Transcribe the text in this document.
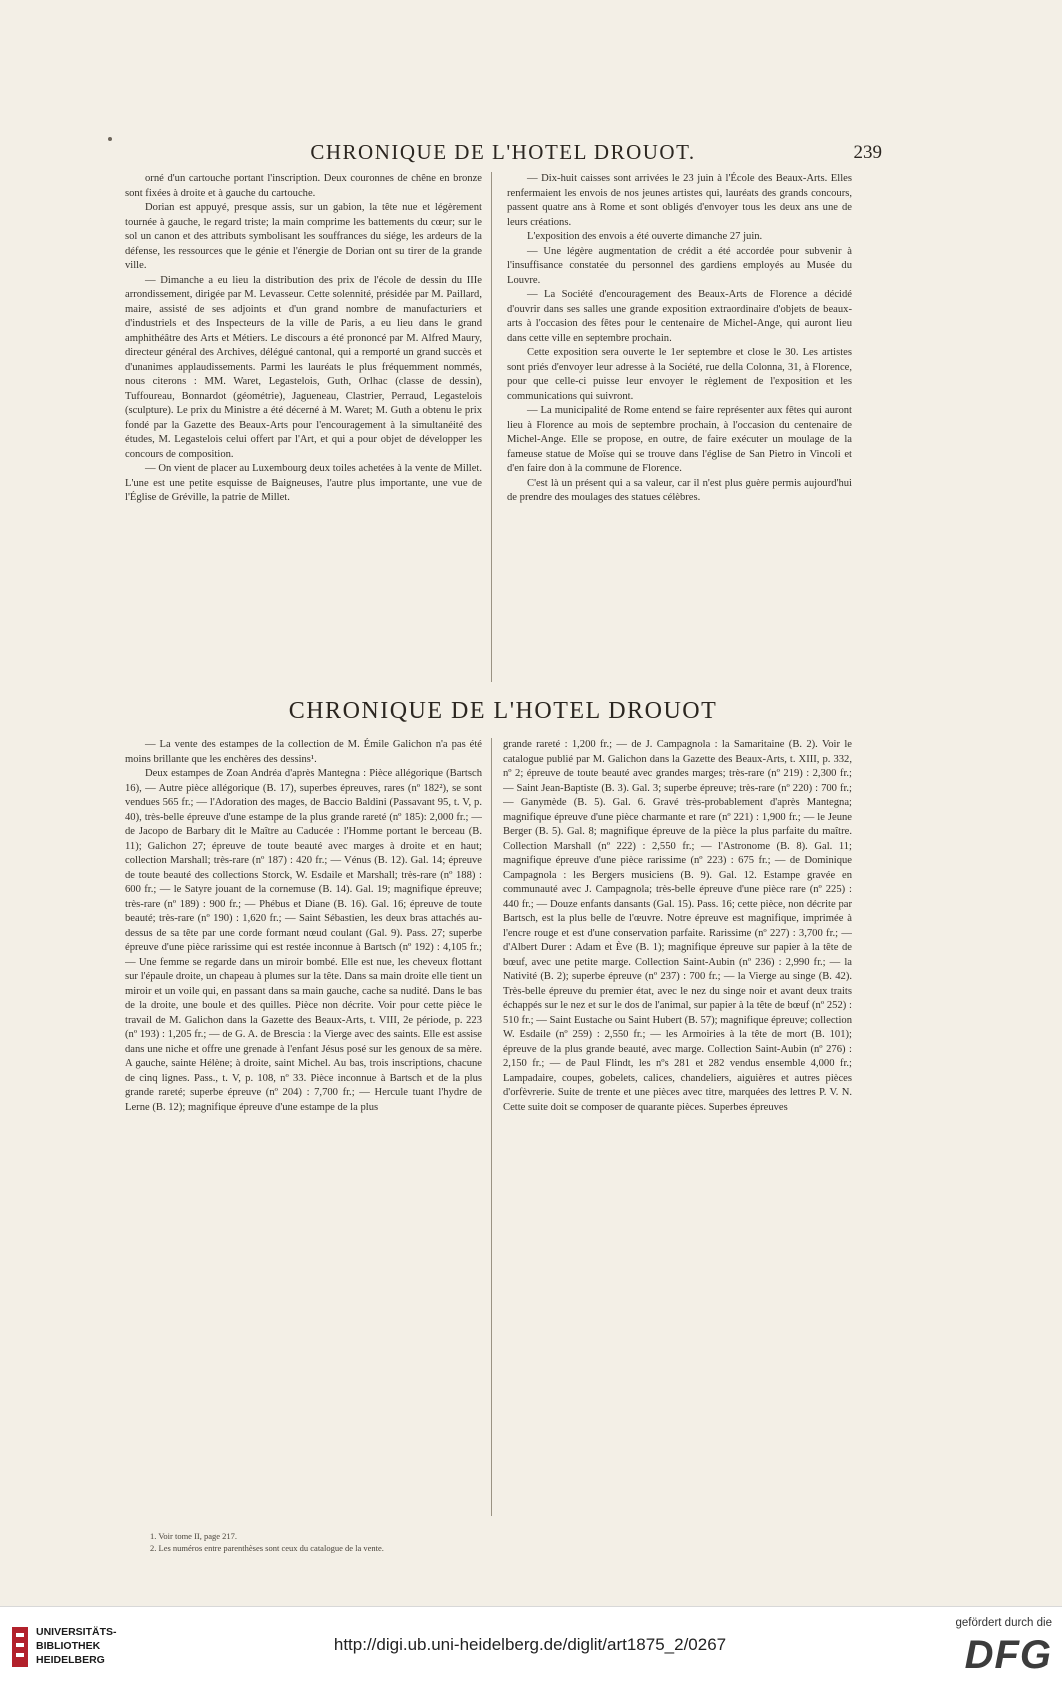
CHRONIQUE DE L'HOTEL DROUOT.	239

orné d'un cartouche portant l'inscription. Deux couronnes de chêne en bronze sont fixées à droite et à gauche du cartouche.

Dorian est appuyé, presque assis, sur un gabion, la tête nue et légèrement tournée à gauche, le regard triste; la main comprime les battements du cœur; sur le sol un canon et des attributs symbolisant les souffrances du siége, les ardeurs de la défense, les ressources que le génie et l'énergie de Dorian ont su tirer de la grande ville.

— Dimanche a eu lieu la distribution des prix de l'école de dessin du IIIe arrondissement, dirigée par M. Levasseur. Cette solennité, présidée par M. Paillard, maire, assisté de ses adjoints et d'un grand nombre de manufacturiers et d'industriels et des Inspecteurs de la ville de Paris, a eu lieu dans le grand amphithéâtre des Arts et Métiers. Le discours a été prononcé par M. Alfred Maury, directeur général des Archives, délégué cantonal, qui a remporté un grand succès et d'unanimes applaudissements. Parmi les lauréats le plus fréquemment nommés, nous citerons : MM. Waret, Legastelois, Guth, Orlhac (classe de dessin), Tuffoureau, Bonnardot (géométrie), Jagueneau, Clastrier, Perraud, Legastelois (sculpture). Le prix du Ministre a été décerné à M. Waret; M. Guth a obtenu le prix fondé par la Gazette des Beaux-Arts pour l'encouragement à la simultanéité des études, M. Legastelois celui offert par l'Art, et qui a pour objet de développer les concours de composition.

— On vient de placer au Luxembourg deux toiles achetées à la vente de Millet. L'une est une petite esquisse de Baigneuses, l'autre plus importante, une vue de l'Église de Gréville, la patrie de Millet.

— Dix-huit caisses sont arrivées le 23 juin à l'École des Beaux-Arts. Elles renfermaient les envois de nos jeunes artistes qui, lauréats des grands concours, passent quatre ans à Rome et sont obligés d'envoyer tous les deux ans une de leurs créations.

L'exposition des envois a été ouverte dimanche 27 juin.

— Une légère augmentation de crédit a été accordée pour subvenir à l'insuffisance constatée du personnel des gardiens employés au Musée du Louvre.

— La Société d'encouragement des Beaux-Arts de Florence a décidé d'ouvrir dans ses salles une grande exposition extraordinaire d'objets de beaux-arts à l'occasion des fêtes pour le centenaire de Michel-Ange, qui auront lieu dans cette ville en septembre prochain.

Cette exposition sera ouverte le 1er septembre et close le 30. Les artistes sont priés d'envoyer leur adresse à la Société, rue della Colonna, 31, à Florence, pour que celle-ci puisse leur envoyer le règlement de l'exposition et les communications qui suivront.

— La municipalité de Rome entend se faire représenter aux fêtes qui auront lieu à Florence au mois de septembre prochain, à l'occasion du centenaire de Michel-Ange. Elle se propose, en outre, de faire exécuter un moulage de la fameuse statue de Moïse qui se trouve dans l'église de San Pietro in Vincoli et d'en faire don à la commune de Florence.

C'est là un présent qui a sa valeur, car il n'est plus guère permis aujourd'hui de prendre des moulages des statues célèbres.

CHRONIQUE DE L'HOTEL DROUOT

— La vente des estampes de la collection de M. Émile Galichon n'a pas été moins brillante que les enchères des dessins¹.

Deux estampes de Zoan Andréa d'après Mantegna : Pièce allégorique (Bartsch 16), — Autre pièce allégorique (B. 17), superbes épreuves, rares (nº 182²), se sont vendues 565 fr.; — l'Adoration des mages, de Baccio Baldini (Passavant 95, t. V, p. 40), très-belle épreuve d'une estampe de la plus grande rareté (nº 185): 2,000 fr.; — de Jacopo de Barbary dit le Maître au Caducée : l'Homme portant le berceau (B. 11); Galichon 27; épreuve de toute beauté avec marges à droite et en haut; collection Marshall; très-rare (nº 187) : 420 fr.; — Vénus (B. 12). Gal. 14; épreuve de toute beauté des collections Storck, W. Esdaile et Marshall; très-rare (nº 188) : 600 fr.; — le Satyre jouant de la cornemuse (B. 14). Gal. 19; magnifique épreuve; très-rare (nº 189) : 900 fr.; — Phébus et Diane (B. 16). Gal. 16; épreuve de toute beauté; très-rare (nº 190) : 1,620 fr.; — Saint Sébastien, les deux bras attachés au-dessus de sa tête par une corde formant nœud coulant (Gal. 9). Pass. 27; superbe épreuve d'une pièce rarissime qui est restée inconnue à Bartsch (nº 192) : 4,105 fr.; — Une femme se regarde dans un miroir bombé. Elle est nue, les cheveux flottant sur l'épaule droite, un chapeau à plumes sur la tête. Dans sa main droite elle tient un miroir et un voile qui, en passant dans sa main gauche, cache sa nudité. Dans le bas de la droite, une boule et des quilles. Pièce non décrite. Voir pour cette pièce le travail de M. Galichon dans la Gazette des Beaux-Arts, t. VIII, 2e période, p. 223 (nº 193) : 1,205 fr.; — de G. A. de Brescia : la Vierge avec des saints. Elle est assise dans une niche et offre une grenade à l'enfant Jésus posé sur les genoux de sa mère. A gauche, sainte Hélène; à droite, saint Michel. Au bas, trois inscriptions, chacune de cinq lignes. Pass., t. V, p. 108, nº 33. Pièce inconnue à Bartsch et de la plus grande rareté; superbe épreuve (nº 204) : 7,700 fr.; — Hercule tuant l'hydre de Lerne (B. 12); magnifique épreuve d'une estampe de la plus

grande rareté : 1,200 fr.; — de J. Campagnola : la Samaritaine (B. 2). Voir le catalogue publié par M. Galichon dans la Gazette des Beaux-Arts, t. XIII, p. 332, nº 2; épreuve de toute beauté avec grandes marges; très-rare (nº 219) : 2,300 fr.; — Saint Jean-Baptiste (B. 3). Gal. 3; superbe épreuve; très-rare (nº 220) : 700 fr.; — Ganymède (B. 5). Gal. 6. Gravé très-probablement d'après Mantegna; magnifique épreuve d'une pièce charmante et rare (nº 221) : 1,900 fr.; — le Jeune Berger (B. 5). Gal. 8; magnifique épreuve de la pièce la plus parfaite du maître. Collection Marshall (nº 222) : 2,550 fr.; — l'Astronome (B. 8). Gal. 11; magnifique épreuve d'une pièce rarissime (nº 223) : 675 fr.; — de Dominique Campagnola : les Bergers musiciens (B. 9). Gal. 12. Estampe gravée en communauté avec J. Campagnola; très-belle épreuve d'une pièce rare (nº 225) : 440 fr.; — Douze enfants dansants (Gal. 15). Pass. 16; cette pièce, non décrite par Bartsch, est la plus belle de l'œuvre. Notre épreuve est magnifique, imprimée à l'encre rouge et est d'une conservation parfaite. Rarissime (nº 227) : 3,700 fr.; — d'Albert Durer : Adam et Ève (B. 1); magnifique épreuve sur papier à la tête de bœuf, avec une petite marge. Collection Saint-Aubin (nº 236) : 2,990 fr.; — la Nativité (B. 2); superbe épreuve (nº 237) : 700 fr.; — la Vierge au singe (B. 42). Très-belle épreuve du premier état, avec le nez du singe noir et avant deux traits échappés sur le nez et sur le dos de l'animal, sur papier à la tête de bœuf (nº 252) : 510 fr.; — Saint Eustache ou Saint Hubert (B. 57); magnifique épreuve; collection W. Esdaile (nº 259) : 2,550 fr.; — les Armoiries à la tête de mort (B. 101); épreuve de la plus grande beauté, avec marge. Collection Saint-Aubin (nº 276) : 2,150 fr.; — de Paul Flindt, les nºs 281 et 282 vendus ensemble 4,000 fr.; Lampadaire, coupes, gobelets, calices, chandeliers, aiguières et autres pièces d'orfèvrerie. Suite de trente et une pièces avec titre, marquées des lettres P. V. N. Cette suite doit se composer de quarante pièces. Superbes épreuves

1. Voir tome II, page 217.
2. Les numéros entre parenthèses sont ceux du catalogue de la vente.
UNIVERSITÄTS-
BIBLIOTHEK
HEIDELBERG
http://digi.ub.uni-heidelberg.de/diglit/art1875_2/0267
gefördert durch die
DFG
